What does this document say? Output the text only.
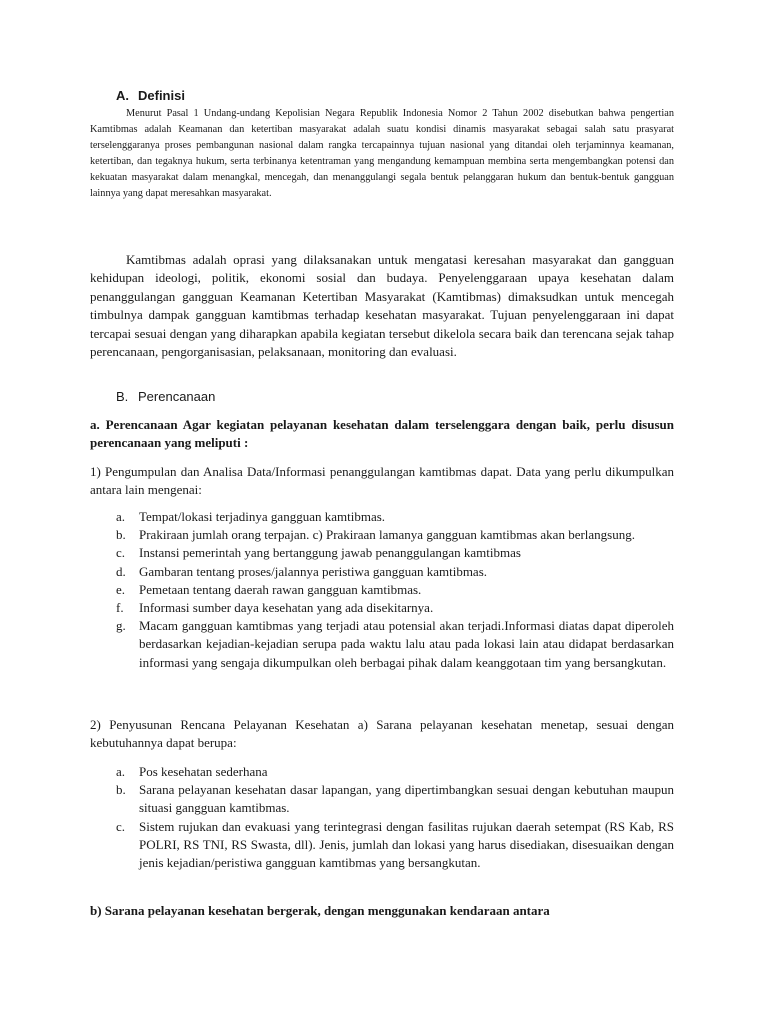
A. Definisi

Menurut Pasal 1 Undang-undang Kepolisian Negara Republik Indonesia Nomor 2 Tahun 2002 disebutkan bahwa pengertian Kamtibmas adalah Keamanan dan ketertiban masyarakat adalah suatu kondisi dinamis masyarakat sebagai salah satu prasyarat terselenggaranya proses pembangunan nasional dalam rangka tercapainnya tujuan nasional yang ditandai oleh terjaminnya keamanan, ketertiban, dan tegaknya hukum, serta terbinanya ketentraman yang mengandung kemampuan membina serta mengembangkan potensi dan kekuatan masyarakat dalam menangkal, mencegah, dan menanggulangi segala bentuk pelanggaran hukum dan bentuk-bentuk gangguan lainnya yang dapat meresahkan masyarakat.

Kamtibmas adalah oprasi yang dilaksanakan untuk mengatasi keresahan masyarakat dan gangguan kehidupan ideologi, politik, ekonomi sosial dan budaya. Penyelenggaraan upaya kesehatan dalam penanggulangan gangguan Keamanan Ketertiban Masyarakat (Kamtibmas) dimaksudkan untuk mencegah timbulnya dampak gangguan kamtibmas terhadap kesehatan masyarakat. Tujuan penyelenggaraan ini dapat tercapai sesuai dengan yang diharapkan apabila kegiatan tersebut dikelola secara baik dan terencana sejak tahap perencanaan, pengorganisasian, pelaksanaan, monitoring dan evaluasi.

B. Perencanaan

a. Perencanaan Agar kegiatan pelayanan kesehatan dalam terselenggara dengan baik, perlu disusun perencanaan yang meliputi :

1) Pengumpulan dan Analisa Data/Informasi penanggulangan kamtibmas dapat. Data yang perlu dikumpulkan antara lain mengenai:

a. Tempat/lokasi terjadinya gangguan kamtibmas.
b. Prakiraan jumlah orang terpajan. c) Prakiraan lamanya gangguan kamtibmas akan berlangsung.
c. Instansi pemerintah yang bertanggung jawab penanggulangan kamtibmas
d. Gambaran tentang proses/jalannya peristiwa gangguan kamtibmas.
e. Pemetaan tentang daerah rawan gangguan kamtibmas.
f. Informasi sumber daya kesehatan yang ada disekitarnya.
g. Macam gangguan kamtibmas yang terjadi atau potensial akan terjadi.Informasi diatas dapat diperoleh berdasarkan kejadian-kejadian serupa pada waktu lalu atau pada lokasi lain atau didapat berdasarkan informasi yang sengaja dikumpulkan oleh berbagai pihak dalam keanggotaan tim yang bersangkutan.

2) Penyusunan Rencana Pelayanan Kesehatan a) Sarana pelayanan kesehatan menetap, sesuai dengan kebutuhannya dapat berupa:

a. Pos kesehatan sederhana
b. Sarana pelayanan kesehatan dasar lapangan, yang dipertimbangkan sesuai dengan kebutuhan maupun situasi gangguan kamtibmas.
c. Sistem rujukan dan evakuasi yang terintegrasi dengan fasilitas rujukan daerah setempat (RS Kab, RS POLRI, RS TNI, RS Swasta, dll). Jenis, jumlah dan lokasi yang harus disediakan, disesuaikan dengan jenis kejadian/peristiwa gangguan kamtibmas yang bersangkutan.

b) Sarana pelayanan kesehatan bergerak, dengan menggunakan kendaraan antara
